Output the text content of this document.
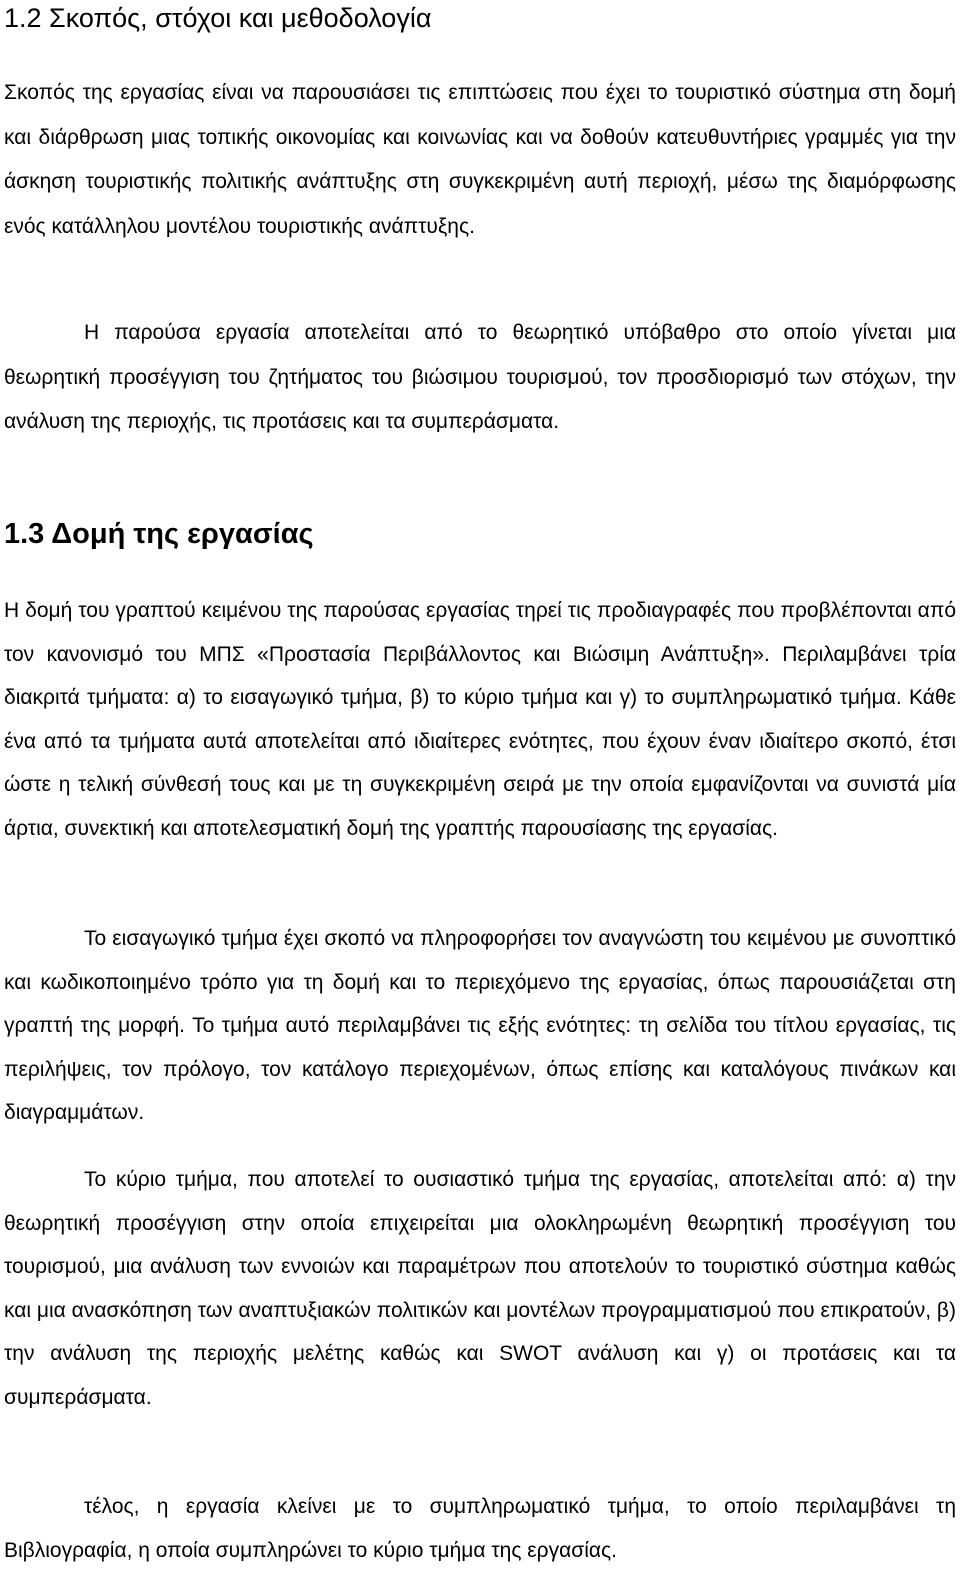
1.2 Σκοπός, στόχοι και μεθοδολογία

Σκοπός της εργασίας είναι να παρουσιάσει τις επιπτώσεις που έχει το τουριστικό σύστημα στη δομή και διάρθρωση μιας τοπικής οικονομίας και κοινωνίας και να δοθούν κατευθυντήριες γραμμές για την άσκηση τουριστικής πολιτικής ανάπτυξης στη συγκεκριμένη αυτή περιοχή, μέσω της διαμόρφωσης ενός κατάλληλου μοντέλου τουριστικής ανάπτυξης.

Η παρούσα εργασία αποτελείται από το θεωρητικό υπόβαθρο στο οποίο γίνεται μια θεωρητική προσέγγιση του ζητήματος του βιώσιμου τουρισμού, τον προσδιορισμό των στόχων, την ανάλυση της περιοχής, τις προτάσεις και τα συμπεράσματα.

1.3 Δομή της εργασίας

Η δομή του γραπτού κειμένου της παρούσας εργασίας τηρεί τις προδιαγραφές που προβλέπονται από τον κανονισμό του ΜΠΣ «Προστασία Περιβάλλοντος και Βιώσιμη Ανάπτυξη». Περιλαμβάνει τρία διακριτά τμήματα: α) το εισαγωγικό τμήμα, β) το κύριο τμήμα και γ) το συμπληρωματικό τμήμα. Κάθε ένα από τα τμήματα αυτά αποτελείται από ιδιαίτερες ενότητες, που έχουν έναν ιδιαίτερο σκοπό, έτσι ώστε η τελική σύνθεσή τους και με τη συγκεκριμένη σειρά με την οποία εμφανίζονται να συνιστά μία άρτια, συνεκτική και αποτελεσματική δομή της γραπτής παρουσίασης της εργασίας.

Το εισαγωγικό τμήμα έχει σκοπό να πληροφορήσει τον αναγνώστη του κειμένου με συνοπτικό και κωδικοποιημένο τρόπο για τη δομή και το περιεχόμενο της εργασίας, όπως παρουσιάζεται στη γραπτή της μορφή. Το τμήμα αυτό περιλαμβάνει τις εξής ενότητες: τη σελίδα του τίτλου εργασίας, τις περιλήψεις, τον πρόλογο, τον κατάλογο περιεχομένων, όπως επίσης και καταλόγους πινάκων και διαγραμμάτων.

Το κύριο τμήμα, που αποτελεί το ουσιαστικό τμήμα της εργασίας, αποτελείται από: α) την θεωρητική προσέγγιση στην οποία επιχειρείται μια ολοκληρωμένη θεωρητική προσέγγιση του τουρισμού, μια ανάλυση των εννοιών και παραμέτρων που αποτελούν το τουριστικό σύστημα καθώς και μια ανασκόπηση των αναπτυξιακών πολιτικών και μοντέλων προγραμματισμού που επικρατούν, β) την ανάλυση της περιοχής μελέτης καθώς και SWOT ανάλυση και γ) οι προτάσεις και τα συμπεράσματα.

τέλος, η εργασία κλείνει με το συμπληρωματικό τμήμα, το οποίο περιλαμβάνει τη Βιβλιογραφία, η οποία συμπληρώνει το κύριο τμήμα της εργασίας.
